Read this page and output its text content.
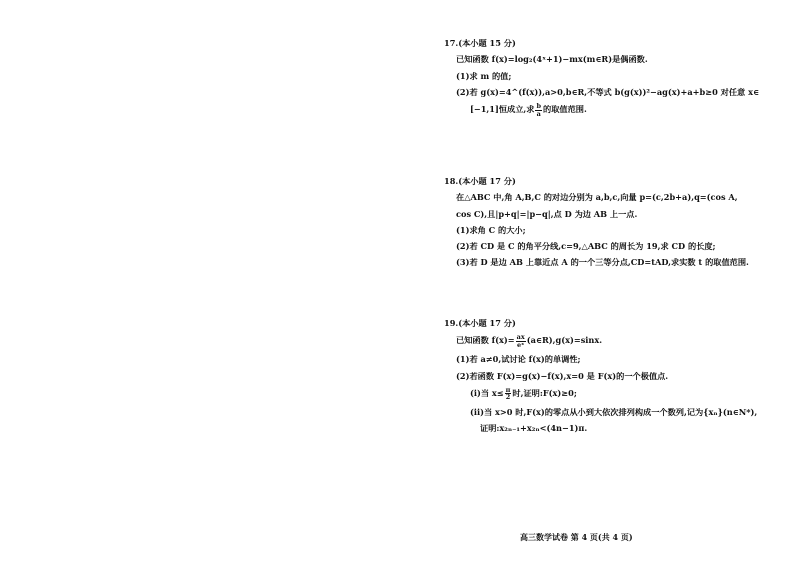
17.(本小题 15 分)
已知函数 f(x)=log₂(4ˣ+1)−mx(m∈R)是偶函数.
(1)求 m 的值;
(2)若 g(x)=4^(f(x)),a>0,b∈R,不等式 b(g(x))²−ag(x)+a+b≥0 对任意 x∈
[−1,1]恒成立,求 $\frac{b}{a}$ 的取值范围.
18.(本小题 17 分)
在△ABC 中,角 A,B,C 的对边分别为 a,b,c,向量 p=(c,2b+a),q=(cos A,
cos C),且|p+q|=|p−q|,点 D 为边 AB 上一点.
(1)求角 C 的大小;
(2)若 CD 是 C 的角平分线,c=9,△ABC 的周长为 19,求 CD 的长度;
(3)若 D 是边 AB 上靠近点 A 的一个三等分点,CD=tAD,求实数 t 的取值范围.
19.(本小题 17 分)
已知函数 $f(x)= \frac{ax}{\text{eˣ}}$ (a∈R),g(x)=sinx.
(1)若 a≠0,试讨论 f(x)的单调性;
(2)若函数 F(x)=g(x)−f(x),x=0 是 F(x)的一个极值点.
(i)当 $x\le \frac{\pi}{2}$ 时,证明:F(x)≥0;
(ii)当 x>0 时,F(x)的零点从小到大依次排列构成一个数列,记为{xₙ}(n∈N*),
证明:x₂ₙ₋₁+x₂ₙ<(4n−1)π.
高三数学试卷 第 4 页(共 4 页)
